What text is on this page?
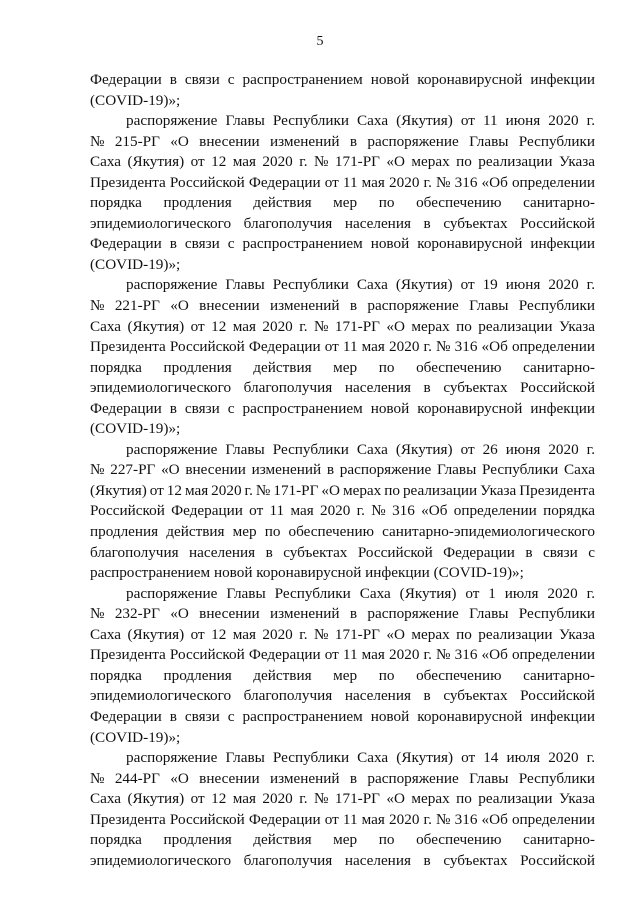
5
Федерации в связи с распространением новой коронавирусной инфекции
(COVID-19)»;
распоряжение Главы Республики Саха (Якутия) от 11 июня 2020 г.
№ 215-РГ «О внесении изменений в распоряжение Главы Республики
Саха (Якутия) от 12 мая 2020 г. № 171-РГ «О мерах по реализации Указа
Президента Российской Федерации от 11 мая 2020 г. № 316 «Об определении
порядка продления действия мер по обеспечению санитарно-
эпидемиологического благополучия населения в субъектах Российской
Федерации в связи с распространением новой коронавирусной инфекции
(COVID-19)»;
распоряжение Главы Республики Саха (Якутия) от 19 июня 2020 г.
№ 221-РГ «О внесении изменений в распоряжение Главы Республики
Саха (Якутия) от 12 мая 2020 г. № 171-РГ «О мерах по реализации Указа
Президента Российской Федерации от 11 мая 2020 г. № 316 «Об определении
порядка продления действия мер по обеспечению санитарно-
эпидемиологического благополучия населения в субъектах Российской
Федерации в связи с распространением новой коронавирусной инфекции
(COVID-19)»;
распоряжение Главы Республики Саха (Якутия) от 26 июня 2020 г.
№ 227-РГ «О внесении изменений в распоряжение Главы Республики Саха
(Якутия) от 12 мая 2020 г. № 171-РГ «О мерах по реализации Указа Президента
Российской Федерации от 11 мая 2020 г. № 316 «Об определении порядка
продления действия мер по обеспечению санитарно-эпидемиологического
благополучия населения в субъектах Российской Федерации в связи с
распространением новой коронавирусной инфекции (COVID-19)»;
распоряжение Главы Республики Саха (Якутия) от 1 июля 2020 г.
№ 232-РГ «О внесении изменений в распоряжение Главы Республики
Саха (Якутия) от 12 мая 2020 г. № 171-РГ «О мерах по реализации Указа
Президента Российской Федерации от 11 мая 2020 г. № 316 «Об определении
порядка продления действия мер по обеспечению санитарно-
эпидемиологического благополучия населения в субъектах Российской
Федерации в связи с распространением новой коронавирусной инфекции
(COVID-19)»;
распоряжение Главы Республики Саха (Якутия) от 14 июля 2020 г.
№ 244-РГ «О внесении изменений в распоряжение Главы Республики
Саха (Якутия) от 12 мая 2020 г. № 171-РГ «О мерах по реализации Указа
Президента Российской Федерации от 11 мая 2020 г. № 316 «Об определении
порядка продления действия мер по обеспечению санитарно-
эпидемиологического благополучия населения в субъектах Российской
